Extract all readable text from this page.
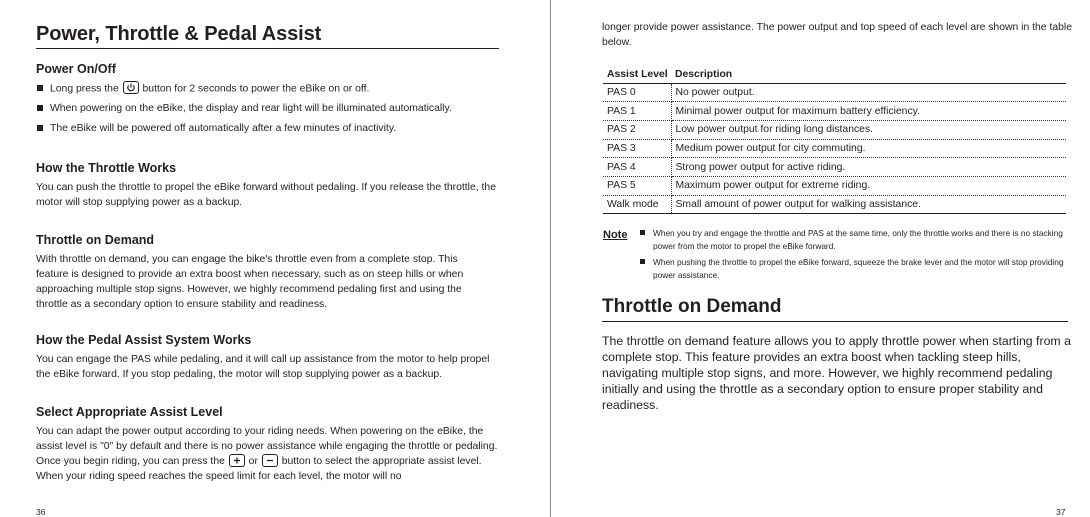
Power, Throttle & Pedal Assist
Power On/Off
Long press the button for 2 seconds to power the eBike on or off.
When powering on the eBike, the display and rear light will be illuminated automatically.
The eBike will be powered off automatically after a few minutes of inactivity.
How the Throttle Works
You can push the throttle to propel the eBike forward without pedaling. If you release the throttle, the motor will stop supplying power as a backup.
Throttle on Demand
With throttle on demand, you can engage the bike's throttle even from a complete stop. This feature is designed to provide an extra boost when necessary, such as on steep hills or when approaching multiple stop signs. However, we highly recommend pedaling first and using the throttle as a secondary option to ensure stability and readiness.
How the Pedal Assist System Works
You can engage the PAS while pedaling, and it will call up assistance from the motor to help propel the eBike forward. If you stop pedaling, the motor will stop supplying power as a backup.
Select Appropriate Assist Level
You can adapt the power output according to your riding needs. When powering on the eBike, the assist level is "0" by default and there is no power assistance while engaging the throttle or pedaling. Once you begin riding, you can press the or button to select the appropriate assist level. When your riding speed reaches the speed limit for each level, the motor will no
36
longer provide power assistance. The power output and top speed of each level are shown in the table below.
Assist Level	Description
PAS 0	No power output.
PAS 1	Minimal power output for maximum battery efficiency.
PAS 2	Low power output for riding long distances.
PAS 3	Medium power output for city commuting.
PAS 4	Strong power output for active riding.
PAS 5	Maximum power output for extreme riding.
Walk mode	Small amount of power output for walking assistance.
Note	When you try and engage the throttle and PAS at the same time, only the throttle works and there is no stacking power from the motor to propel the eBike forward.
When pushing the throttle to propel the eBike forward, squeeze the brake lever and the motor will stop providing power assistance.
Throttle on Demand
The throttle on demand feature allows you to apply throttle power when starting from a complete stop. This feature provides an extra boost when tackling steep hills, navigating multiple stop signs, and more. However, we highly recommend pedaling initially and using the throttle as a secondary option to ensure proper stability and readiness.
37
